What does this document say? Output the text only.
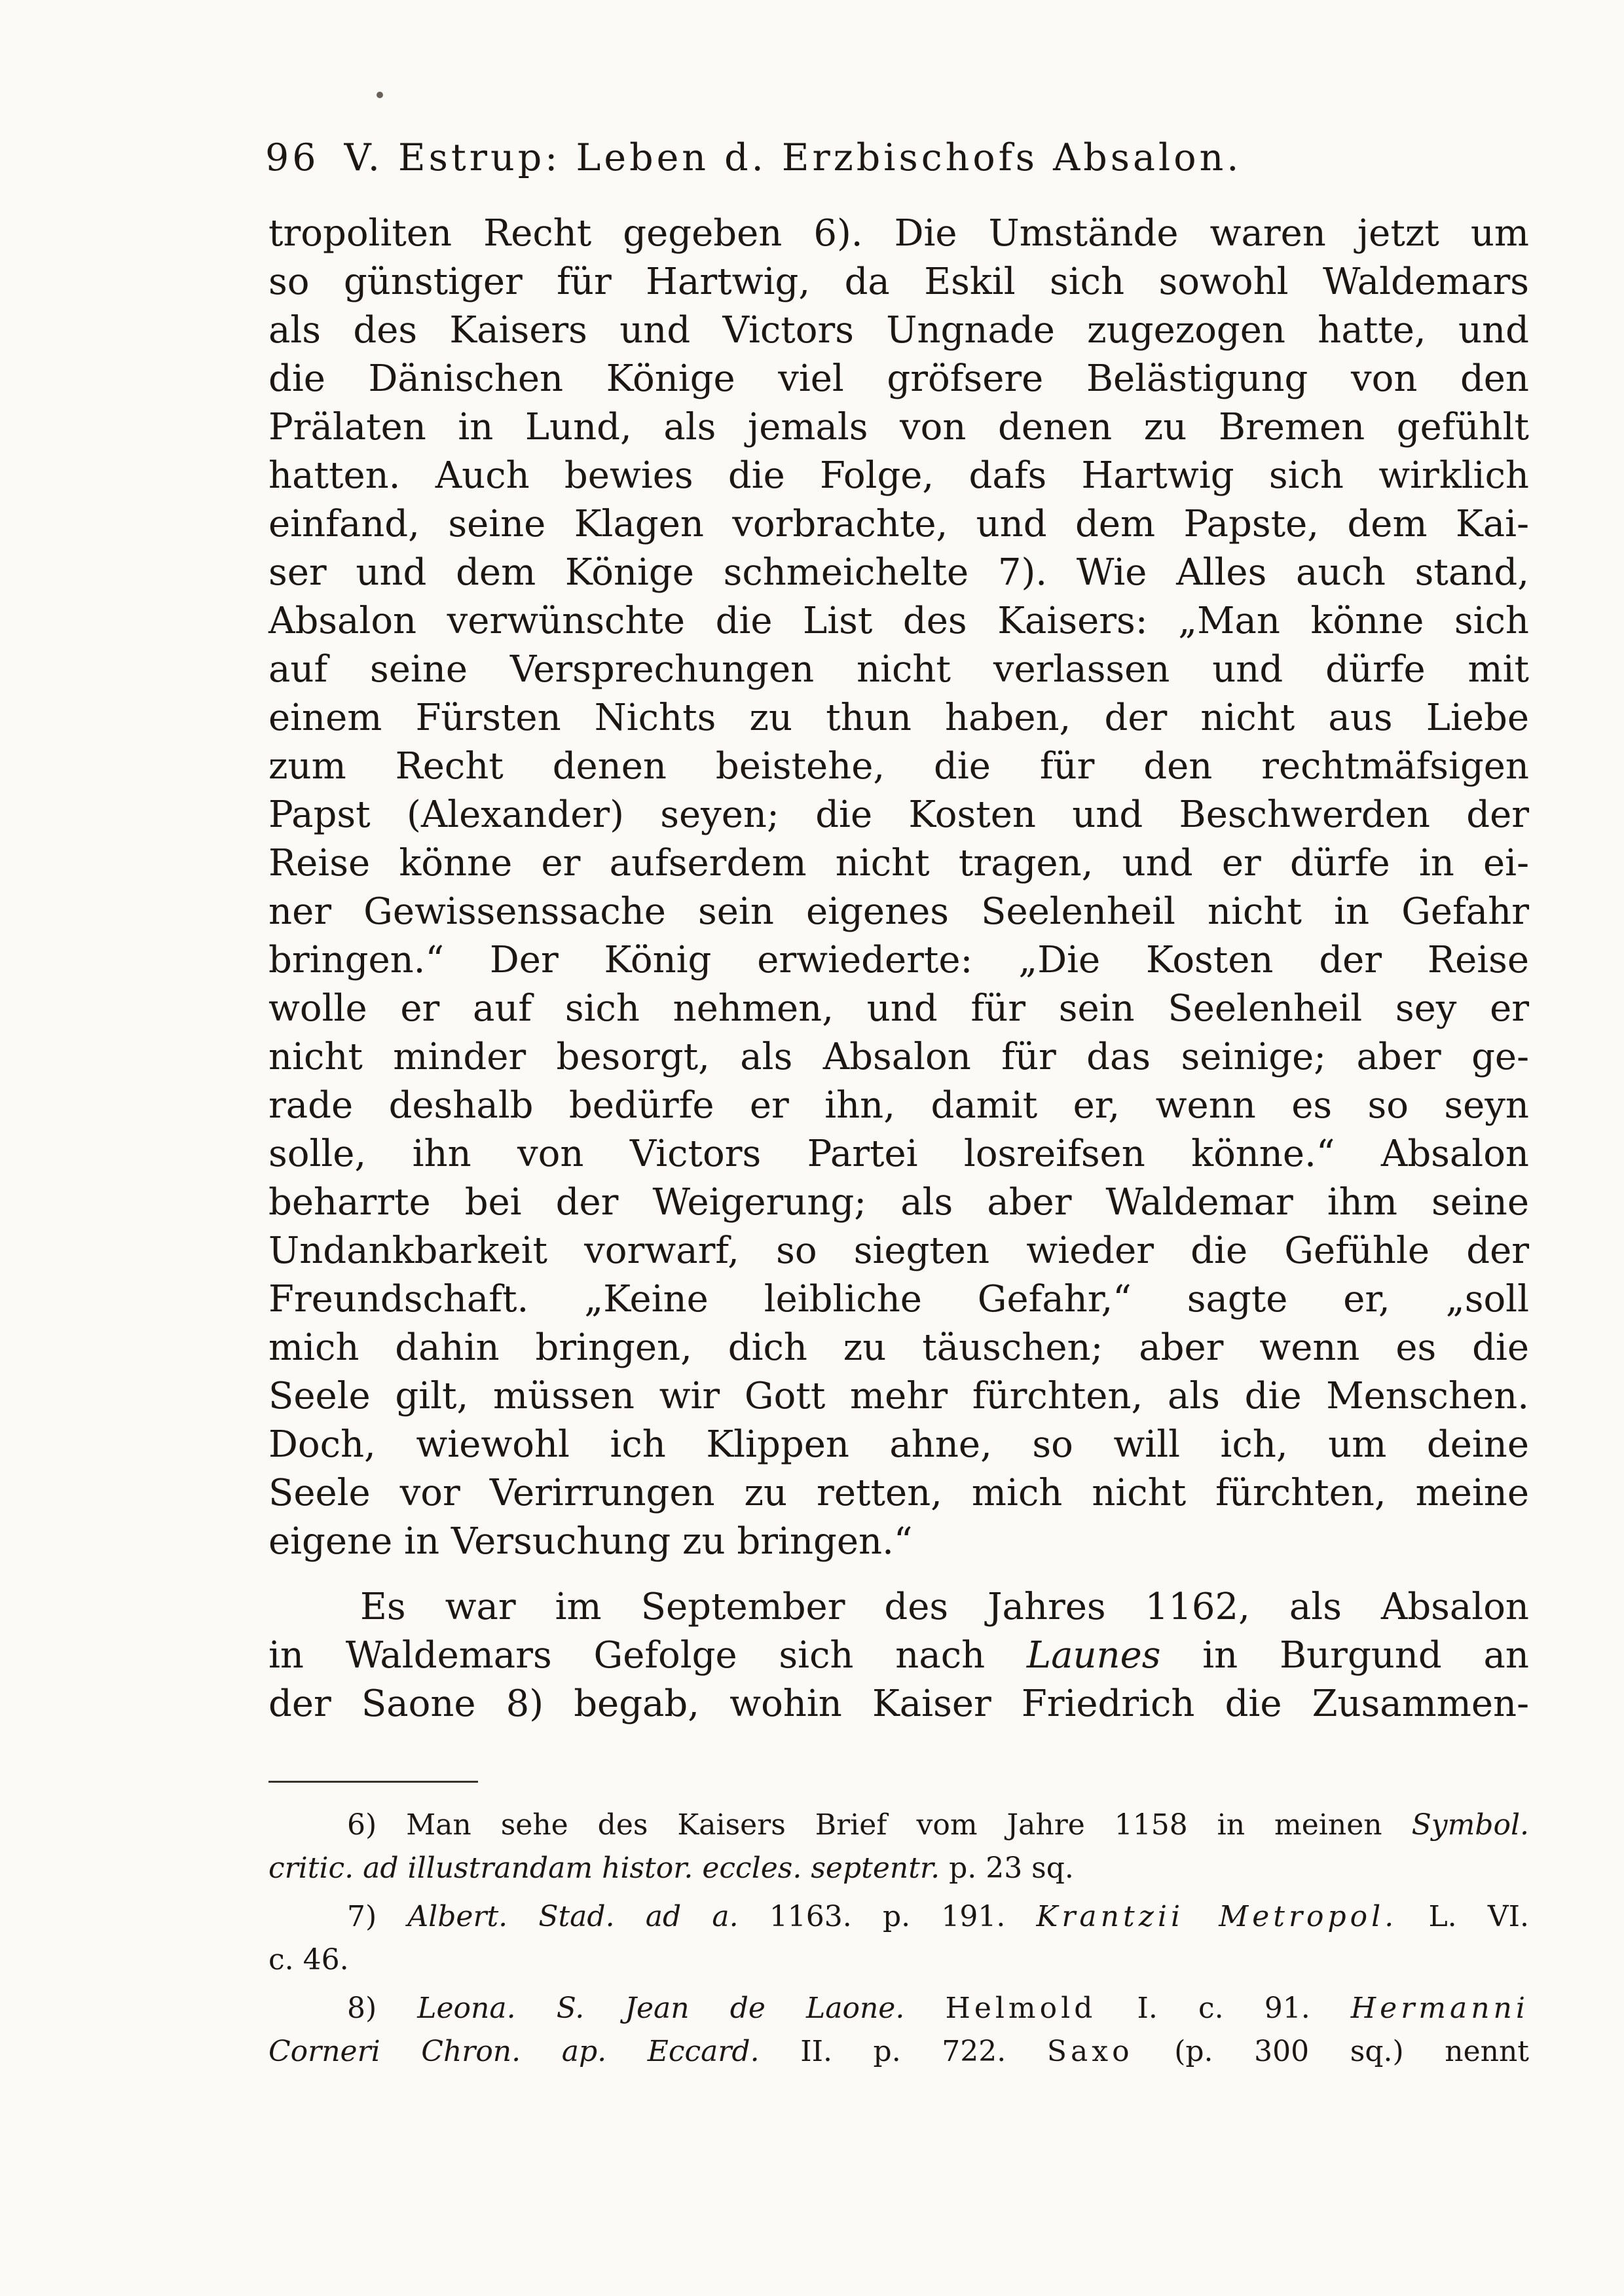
96 V. Estrup: Leben d. Erzbischofs Absalon.
tropoliten Recht gegeben 6). Die Umstände waren jetzt um
so günstiger für Hartwig, da Eskil sich sowohl Waldemars
als des Kaisers und Victors Ungnade zugezogen hatte, und
die Dänischen Könige viel gröfsere Belästigung von den
Prälaten in Lund, als jemals von denen zu Bremen gefühlt
hatten. Auch bewies die Folge, dafs Hartwig sich wirklich
einfand, seine Klagen vorbrachte, und dem Papste, dem Kai-
ser und dem Könige schmeichelte 7). Wie Alles auch stand,
Absalon verwünschte die List des Kaisers: „Man könne sich
auf seine Versprechungen nicht verlassen und dürfe mit
einem Fürsten Nichts zu thun haben, der nicht aus Liebe
zum Recht denen beistehe, die für den rechtmäfsigen
Papst (Alexander) seyen; die Kosten und Beschwerden der
Reise könne er aufserdem nicht tragen, und er dürfe in ei-
ner Gewissenssache sein eigenes Seelenheil nicht in Gefahr
bringen.“ Der König erwiederte: „Die Kosten der Reise
wolle er auf sich nehmen, und für sein Seelenheil sey er
nicht minder besorgt, als Absalon für das seinige; aber ge-
rade deshalb bedürfe er ihn, damit er, wenn es so seyn
solle, ihn von Victors Partei losreifsen könne.“ Absalon
beharrte bei der Weigerung; als aber Waldemar ihm seine
Undankbarkeit vorwarf, so siegten wieder die Gefühle der
Freundschaft. „Keine leibliche Gefahr,“ sagte er, „soll
mich dahin bringen, dich zu täuschen; aber wenn es die
Seele gilt, müssen wir Gott mehr fürchten, als die Menschen.
Doch, wiewohl ich Klippen ahne, so will ich, um deine
Seele vor Verirrungen zu retten, mich nicht fürchten, meine
eigene in Versuchung zu bringen.“
Es war im September des Jahres 1162, als Absalon
in Waldemars Gefolge sich nach Launes in Burgund an
der Saone 8) begab, wohin Kaiser Friedrich die Zusammen-
6) Man sehe des Kaisers Brief vom Jahre 1158 in meinen Symbol.
critic. ad illustrandam histor. eccles. septentr. p. 23 sq.
7) Albert. Stad. ad a. 1163. p. 191. Krantzii Metropol. L. VI.
c. 46.
8) Leona. S. Jean de Laone. Helmold I. c. 91. Hermanni
Corneri Chron. ap. Eccard. II. p. 722. Saxo (p. 300 sq.) nennt
